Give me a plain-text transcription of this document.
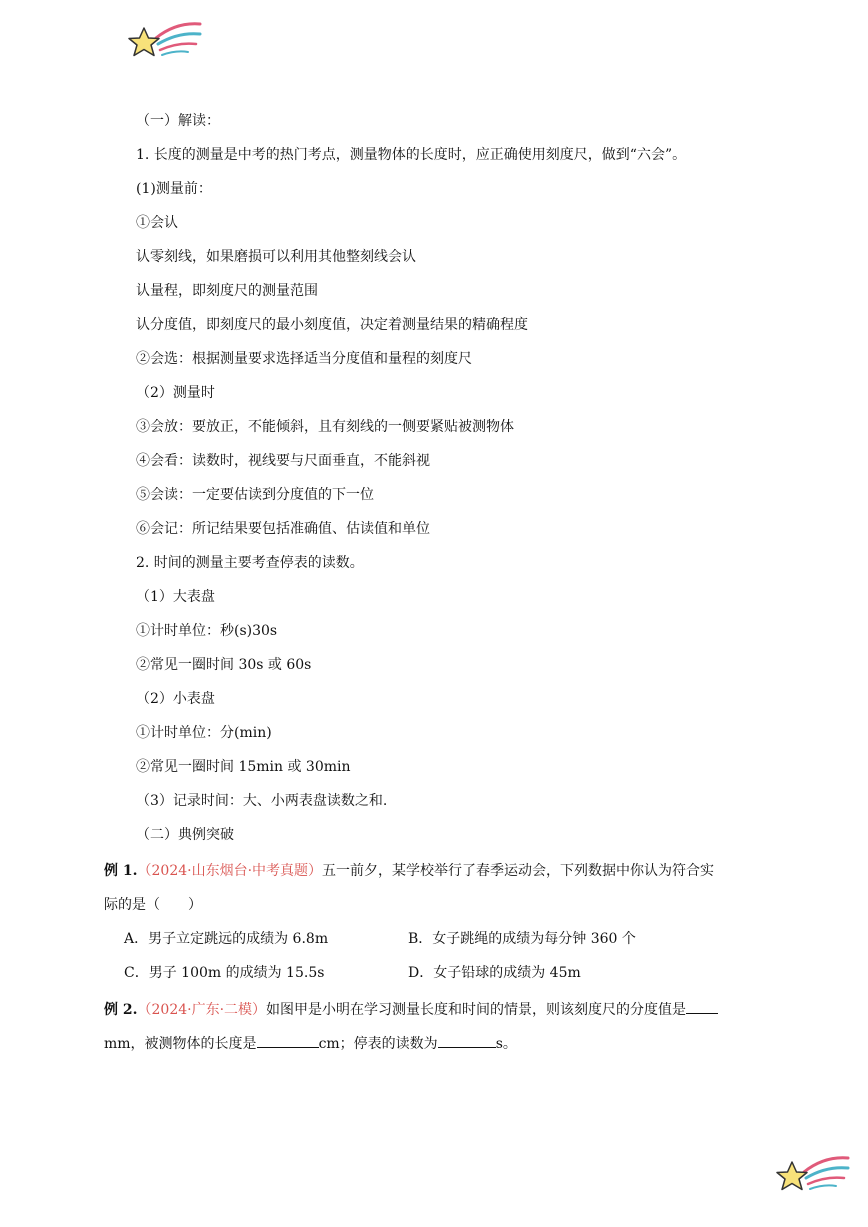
（一）解读：
1. 长度的测量是中考的热门考点，测量物体的长度时，应正确使用刻度尺，做到“六会”。
(1)测量前：
①会认
认零刻线，如果磨损可以利用其他整刻线会认
认量程，即刻度尺的测量范围
认分度值，即刻度尺的最小刻度值，决定着测量结果的精确程度
②会选：根据测量要求选择适当分度值和量程的刻度尺
（2）测量时
③会放：要放正，不能倾斜，且有刻线的一侧要紧贴被测物体
④会看：读数时，视线要与尺面垂直，不能斜视
⑤会读：一定要估读到分度值的下一位
⑥会记：所记结果要包括准确值、估读值和单位
2. 时间的测量主要考查停表的读数。
（1）大表盘
①计时单位：秒(s)30s
②常见一圈时间 30s 或 60s
（2）小表盘
①计时单位：分(min)
②常见一圈时间 15min 或 30min
（3）记录时间：大、小两表盘读数之和.
（二）典例突破
例 1.（2024·山东烟台·中考真题）五一前夕，某学校举行了春季运动会，下列数据中你认为符合实
际的是（　　）
A．男子立定跳远的成绩为 6.8m	B．女子跳绳的成绩为每分钟 360 个
C．男子 100m 的成绩为 15.5s	D．女子铅球的成绩为 45m
例 2.（2024·广东·二模）如图甲是小明在学习测量长度和时间的情景，则该刻度尺的分度值是
mm，被测物体的长度是	cm；停表的读数为	s。
